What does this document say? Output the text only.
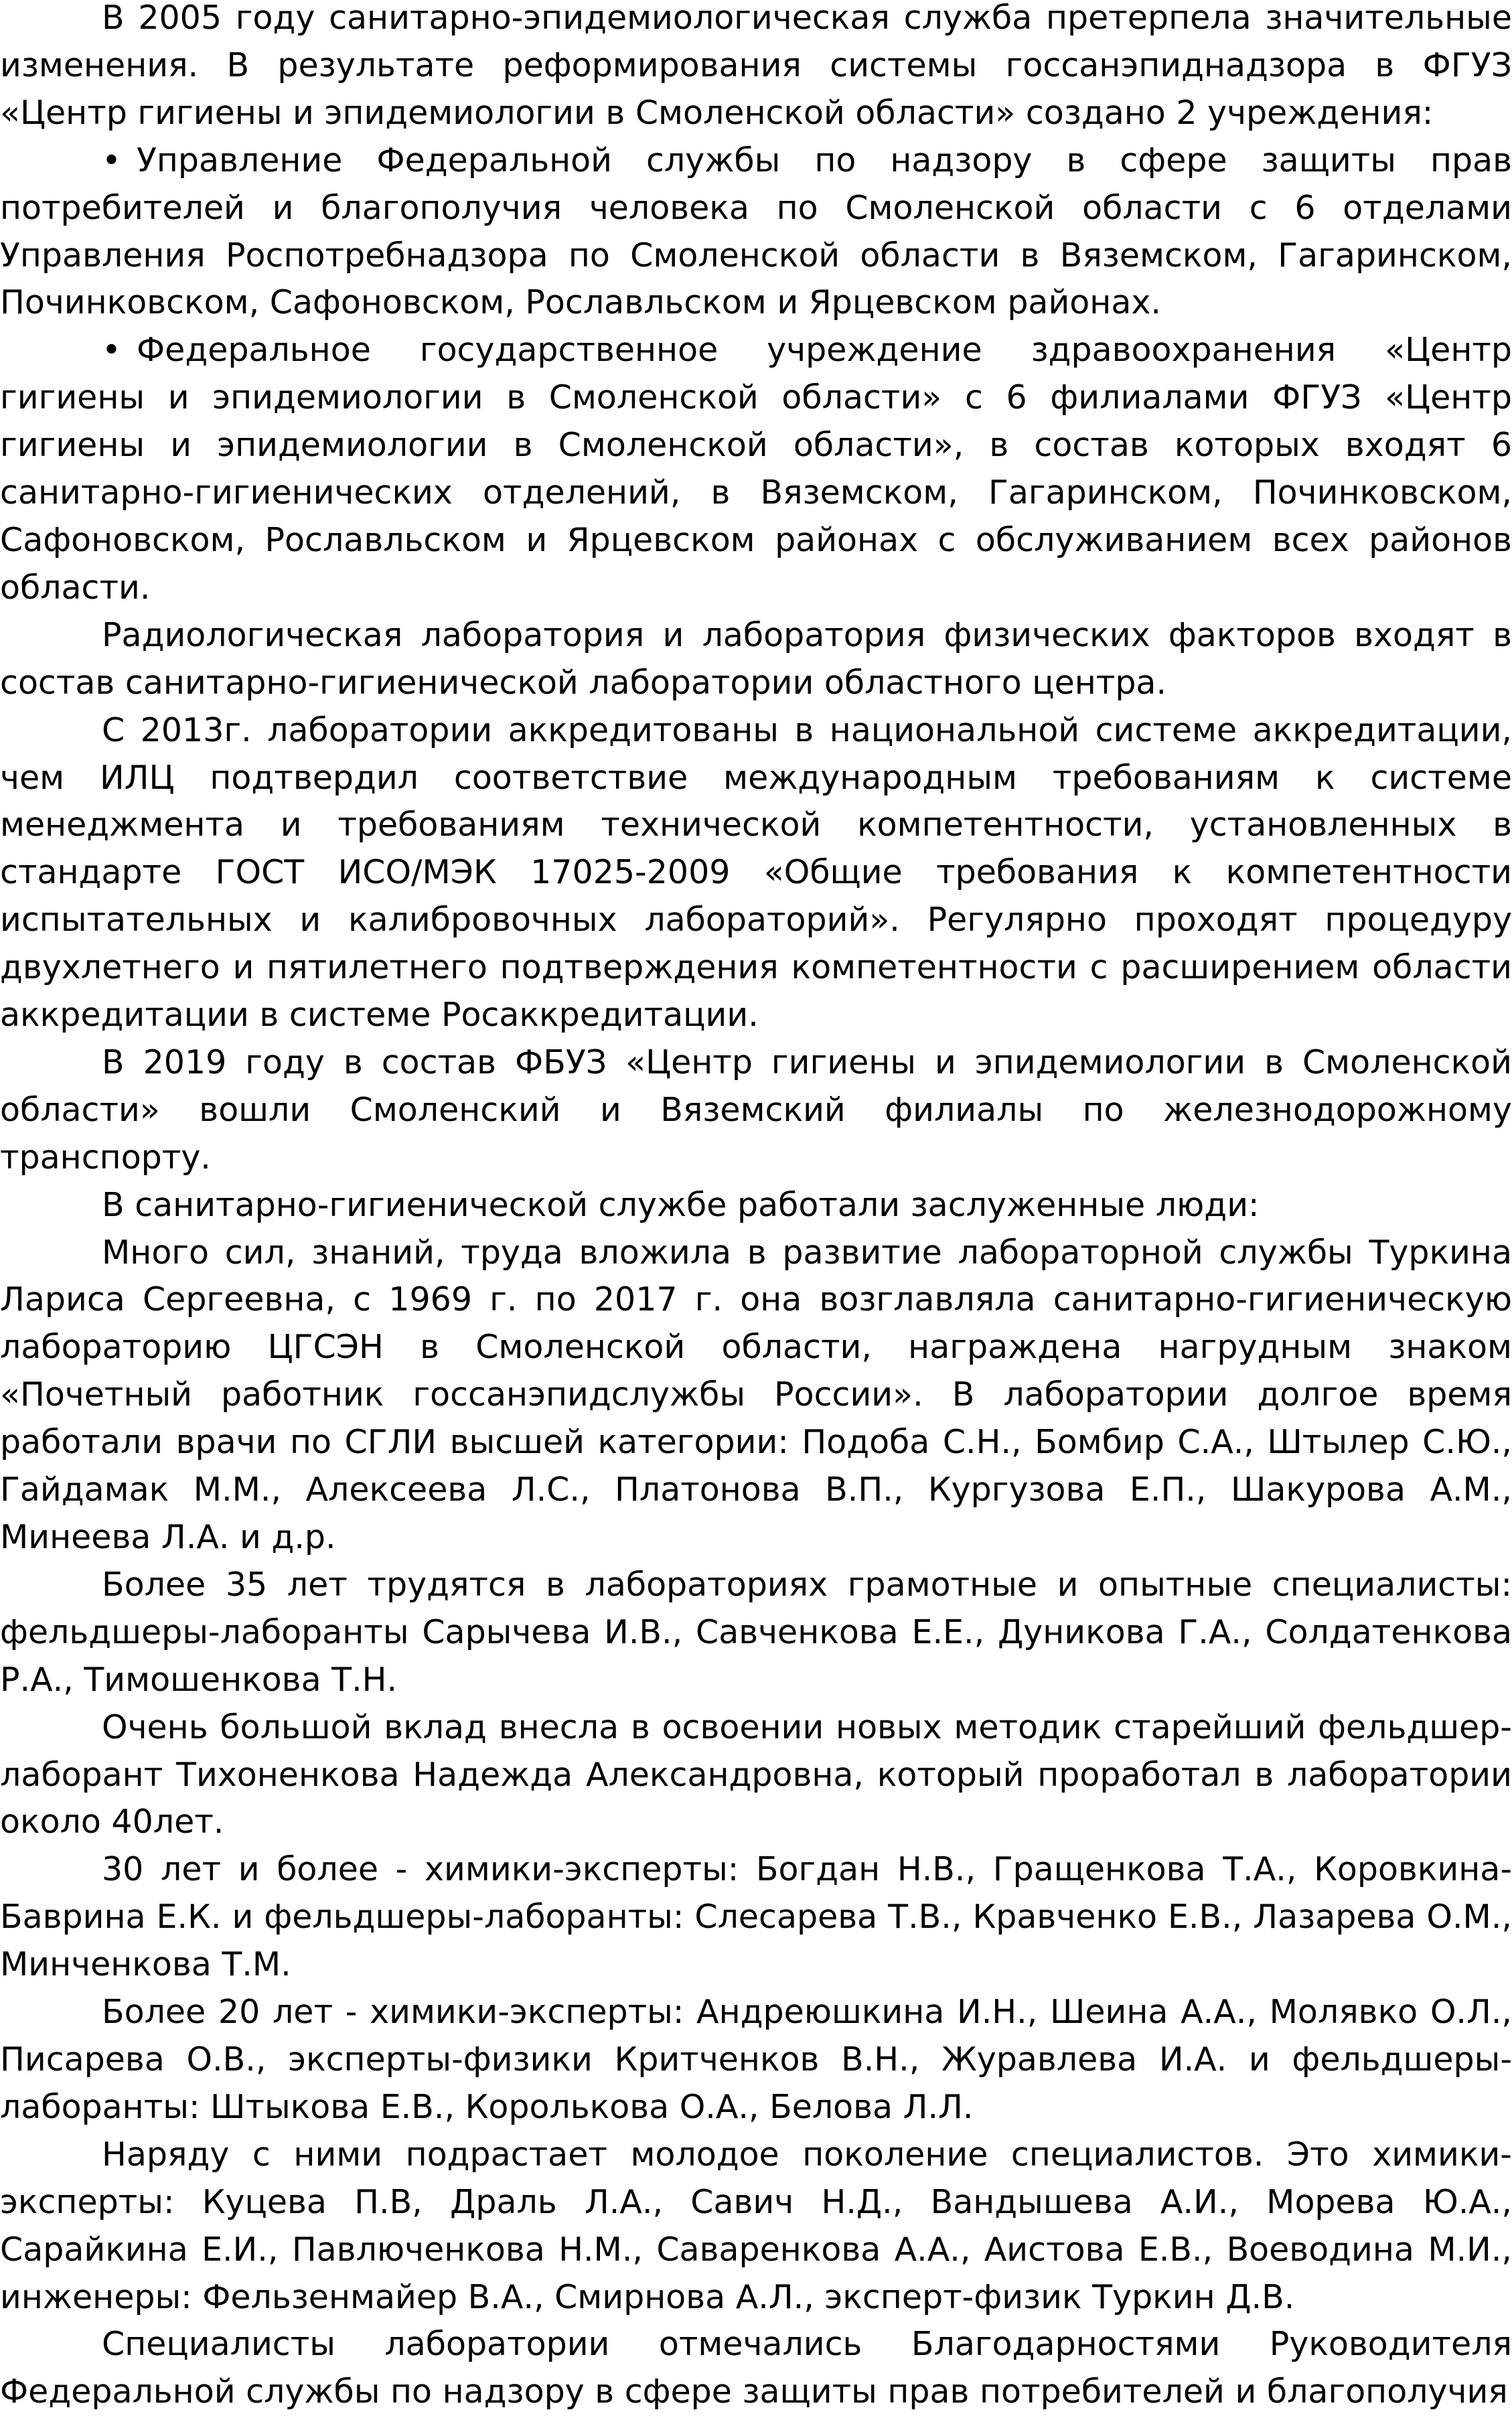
В 2005 году санитарно-эпидемиологическая служба претерпела значительные изменения. В результате реформирования системы госсанэпиднадзора в ФГУЗ «Центр гигиены и эпидемиологии в Смоленской области» создано 2 учреждения:

• Управление Федеральной службы по надзору в сфере защиты прав потребителей и благополучия человека по Смоленской области с 6 отделами Управления Роспотребнадзора по Смоленской области в Вяземском, Гагаринском, Починковском, Сафоновском, Рославльском и Ярцевском районах.

• Федеральное государственное учреждение здравоохранения «Центр гигиены и эпидемиологии в Смоленской области» с 6 филиалами ФГУЗ «Центр гигиены и эпидемиологии в Смоленской области», в состав которых входят 6 санитарно-гигиенических отделений, в Вяземском, Гагаринском, Починковском, Сафоновском, Рославльском и Ярцевском районах с обслуживанием всех районов области.

Радиологическая лаборатория и лаборатория физических факторов входят в состав санитарно-гигиенической лаборатории областного центра.

С 2013г. лаборатории аккредитованы в национальной системе аккредитации, чем ИЛЦ подтвердил соответствие международным требованиям к системе менеджмента и требованиям технической компетентности, установленных в стандарте ГОСТ ИСО/МЭК 17025-2009 «Общие требования к компетентности испытательных и калибровочных лабораторий». Регулярно проходят процедуру двухлетнего и пятилетнего подтверждения компетентности с расширением области аккредитации в системе Росаккредитации.

В 2019 году в состав ФБУЗ «Центр гигиены и эпидемиологии в Смоленской области» вошли Смоленский и Вяземский филиалы по железнодорожному транспорту.

В санитарно-гигиенической службе работали заслуженные люди:

Много сил, знаний, труда вложила в развитие лабораторной службы Туркина Лариса Сергеевна, с 1969 г. по 2017 г. она возглавляла санитарно-гигиеническую лабораторию ЦГСЭН в Смоленской области, награждена нагрудным знаком «Почетный работник госсанэпидслужбы России». В лаборатории долгое время работали врачи по СГЛИ высшей категории: Подоба С.Н., Бомбир С.А., Штылер С.Ю., Гайдамак М.М., Алексеева Л.С., Платонова В.П., Кургузова Е.П., Шакурова А.М., Минеева Л.А. и д.р.

Более 35 лет трудятся в лабораториях грамотные и опытные специалисты: фельдшеры-лаборанты Сарычева И.В., Савченкова Е.Е., Дуникова Г.А., Солдатенкова Р.А., Тимошенкова Т.Н.

Очень большой вклад внесла в освоении новых методик старейший фельдшер-лаборант Тихоненкова Надежда Александровна, который проработал в лаборатории около 40лет.

30 лет и более - химики-эксперты: Богдан Н.В., Гращенкова Т.А., Коровкина-Баврина Е.К. и фельдшеры-лаборанты: Слесарева Т.В., Кравченко Е.В., Лазарева О.М., Минченкова Т.М.

Более 20 лет - химики-эксперты: Андреюшкина И.Н., Шеина А.А., Молявко О.Л., Писарева О.В., эксперты-физики Критченков В.Н., Журавлева И.А. и фельдшеры-лаборанты: Штыкова Е.В., Королькова О.А., Белова Л.Л.

Наряду с ними подрастает молодое поколение специалистов. Это химики-эксперты: Куцева П.В, Драль Л.А., Савич Н.Д., Вандышева А.И., Морева Ю.А., Сарайкина Е.И., Павлюченкова Н.М., Саваренкова А.А., Аистова Е.В., Воеводина М.И., инженеры: Фельзенмайер В.А., Смирнова А.Л., эксперт-физик Туркин Д.В.

Специалисты лаборатории отмечались Благодарностями Руководителя Федеральной службы по надзору в сфере защиты прав потребителей и благополучия
